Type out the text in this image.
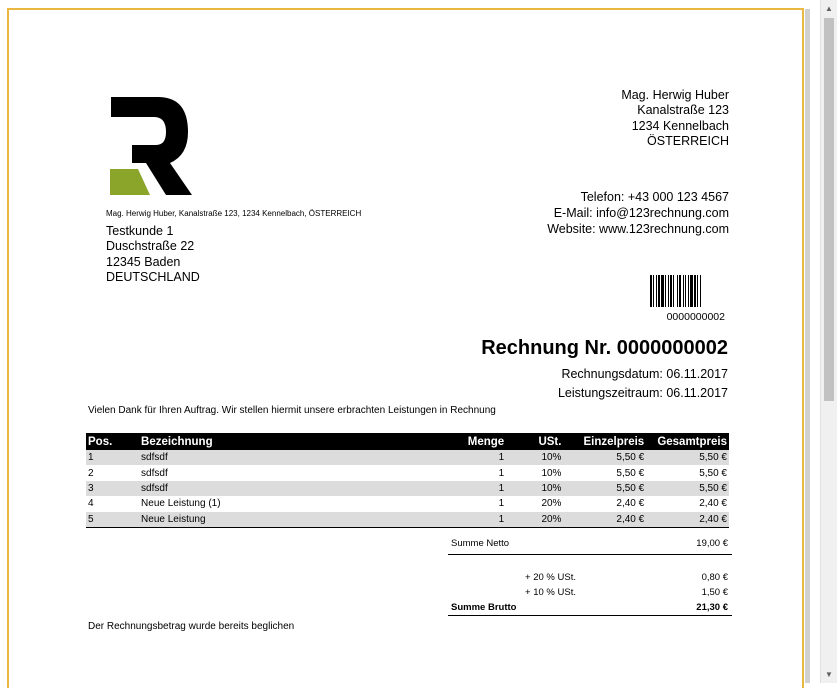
Mag. Herwig Huber, Kanalstraße 123, 1234 Kennelbach, ÖSTERREICH
Testkunde 1
Duschstraße 22
12345 Baden
DEUTSCHLAND
Mag. Herwig Huber
Kanalstraße 123
1234 Kennelbach
ÖSTERREICH
Telefon: +43 000 123 4567
E-Mail: info@123rechnung.com
Website: www.123rechnung.com
0000000002
Rechnung Nr. 0000000002
Rechnungsdatum: 06.11.2017
Leistungszeitraum: 06.11.2017
Vielen Dank für Ihren Auftrag. Wir stellen hiermit unsere erbrachten Leistungen in Rechnung
Pos.	Bezeichnung	Menge	USt.	Einzelpreis	Gesamtpreis
1	sdfsdf	1	10%	5,50 €	5,50 €
2	sdfsdf	1	10%	5,50 €	5,50 €
3	sdfsdf	1	10%	5,50 €	5,50 €
4	Neue Leistung (1)	1	20%	2,40 €	2,40 €
5	Neue Leistung	1	20%	2,40 €	2,40 €
Summe Netto	19,00 €
+ 20 % USt.	0,80 €
+ 10 % USt.	1,50 €
Summe Brutto	21,30 €
Der Rechnungsbetrag wurde bereits beglichen
▲
▼
